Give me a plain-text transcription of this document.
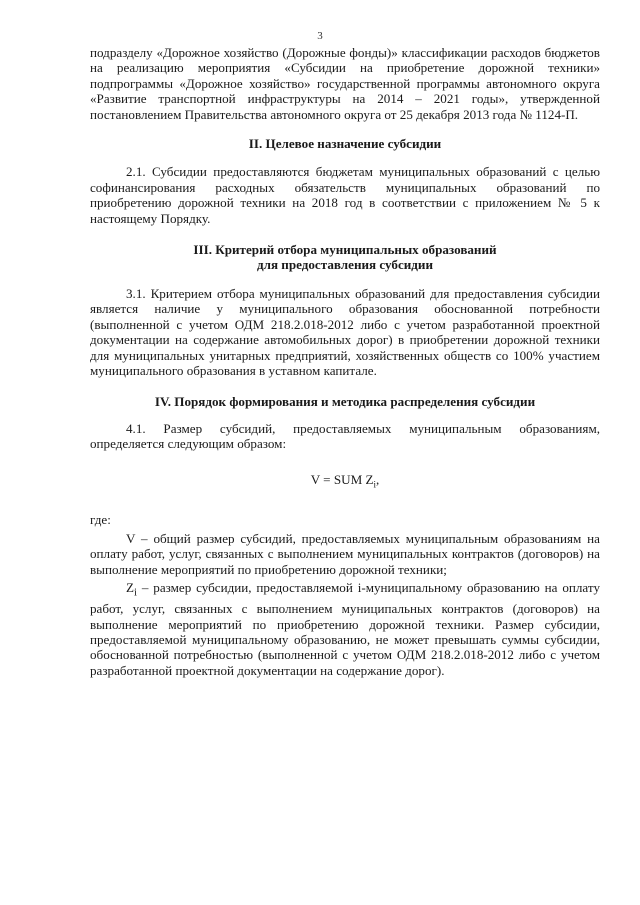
3

подразделу «Дорожное хозяйство (Дорожные фонды)» классификации расходов бюджетов на реализацию мероприятия «Субсидии на приобретение дорожной техники» подпрограммы «Дорожное хозяйство» государственной программы автономного округа «Развитие транспортной инфраструктуры на 2014 – 2021 годы», утвержденной постановлением Правительства автономного округа от 25 декабря 2013 года № 1124-П.

II. Целевое назначение субсидии

2.1. Субсидии предоставляются бюджетам муниципальных образований с целью софинансирования расходных обязательств муниципальных образований по приобретению дорожной техники на 2018 год в соответствии с приложением № 5 к настоящему Порядку.

III. Критерий отбора муниципальных образований
для предоставления субсидии

3.1. Критерием отбора муниципальных образований для предоставления субсидии является наличие у муниципального образования обоснованной потребности (выполненной с учетом ОДМ 218.2.018-2012 либо с учетом разработанной проектной документации на содержание автомобильных дорог) в приобретении дорожной техники для муниципальных унитарных предприятий, хозяйственных обществ со 100% участием муниципального образования в уставном капитале.

IV. Порядок формирования и методика распределения субсидии

4.1. Размер субсидий, предоставляемых муниципальным образованиям, определяется следующим образом:

V = SUM $Z_i$,

где:

V – общий размер субсидий, предоставляемых муниципальным образованиям на оплату работ, услуг, связанных с выполнением муниципальных контрактов (договоров) на выполнение мероприятий по приобретению дорожной техники;

$Z_i$ – размер субсидии, предоставляемой i-муниципальному образованию на оплату работ, услуг, связанных с выполнением муниципальных контрактов (договоров) на выполнение мероприятий по приобретению дорожной техники. Размер субсидии, предоставляемой муниципальному образованию, не может превышать суммы субсидии, обоснованной потребностью (выполненной с учетом ОДМ 218.2.018-2012 либо с учетом разработанной проектной документации на содержание дорог).
